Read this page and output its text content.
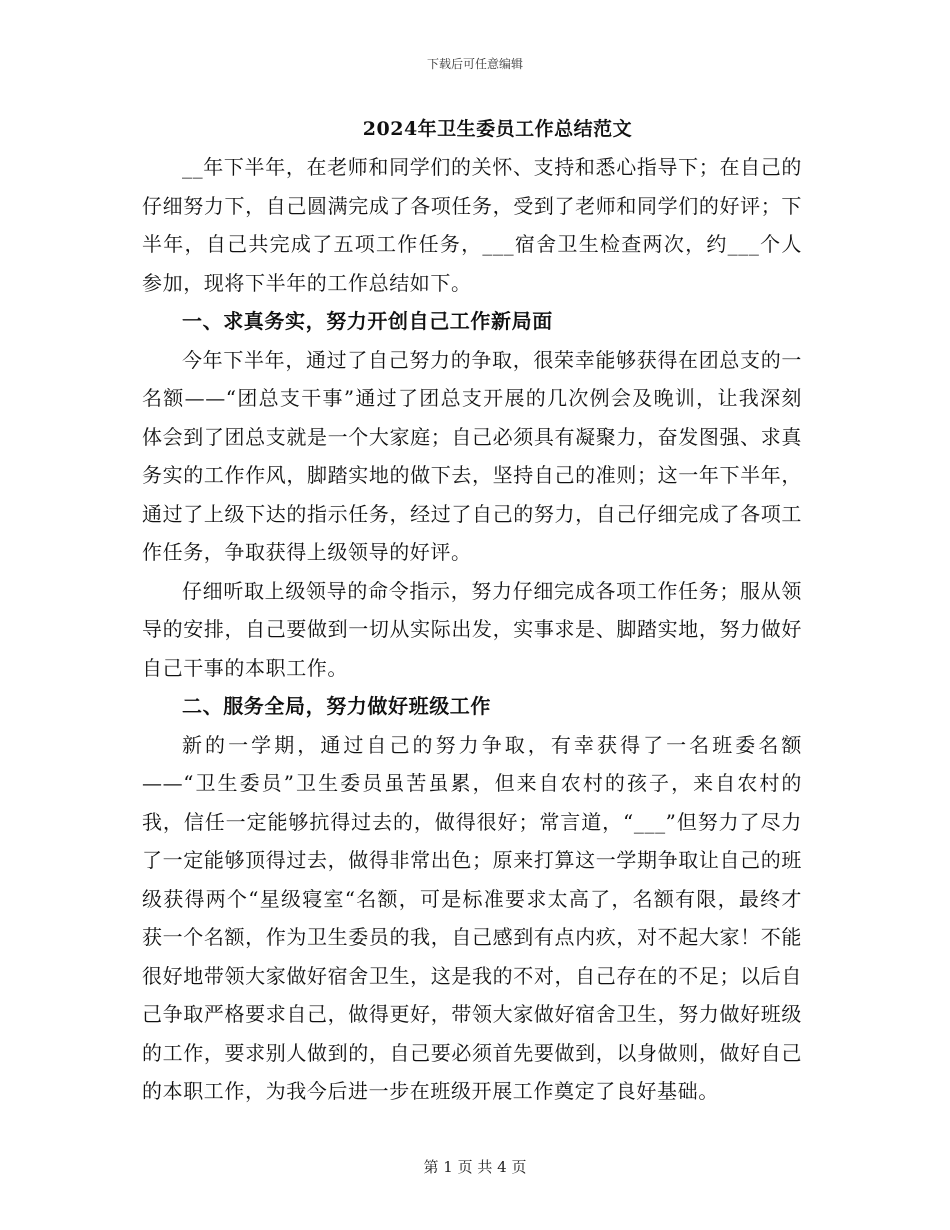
下载后可任意编辑
2024年卫生委员工作总结范文

__年下半年，在老师和同学们的关怀、支持和悉心指导下；在自己的仔细努力下，自己圆满完成了各项任务，受到了老师和同学们的好评；下半年，自己共完成了五项工作任务，___宿舍卫生检查两次，约___个人参加，现将下半年的工作总结如下。

一、求真务实，努力开创自己工作新局面

今年下半年，通过了自己努力的争取，很荣幸能够获得在团总支的一名额——“团总支干事”通过了团总支开展的几次例会及晚训，让我深刻体会到了团总支就是一个大家庭；自己必须具有凝聚力，奋发图强、求真务实的工作作风，脚踏实地的做下去，坚持自己的准则；这一年下半年，通过了上级下达的指示任务，经过了自己的努力，自己仔细完成了各项工作任务，争取获得上级领导的好评。

仔细听取上级领导的命令指示，努力仔细完成各项工作任务；服从领导的安排，自己要做到一切从实际出发，实事求是、脚踏实地，努力做好自己干事的本职工作。

二、服务全局，努力做好班级工作

新的一学期，通过自己的努力争取，有幸获得了一名班委名额——“卫生委员”卫生委员虽苦虽累，但来自农村的孩子，来自农村的我，信任一定能够抗得过去的，做得很好；常言道，“___”但努力了尽力了一定能够顶得过去，做得非常出色；原来打算这一学期争取让自己的班级获得两个“星级寝室“名额，可是标准要求太高了，名额有限，最终才获一个名额，作为卫生委员的我，自己感到有点内疚，对不起大家！不能很好地带领大家做好宿舍卫生，这是我的不对，自己存在的不足；以后自己争取严格要求自己，做得更好，带领大家做好宿舍卫生，努力做好班级的工作，要求别人做到的，自己要必须首先要做到，以身做则，做好自己的本职工作，为我今后进一步在班级开展工作奠定了良好基础。

第 1 页 共 4 页
